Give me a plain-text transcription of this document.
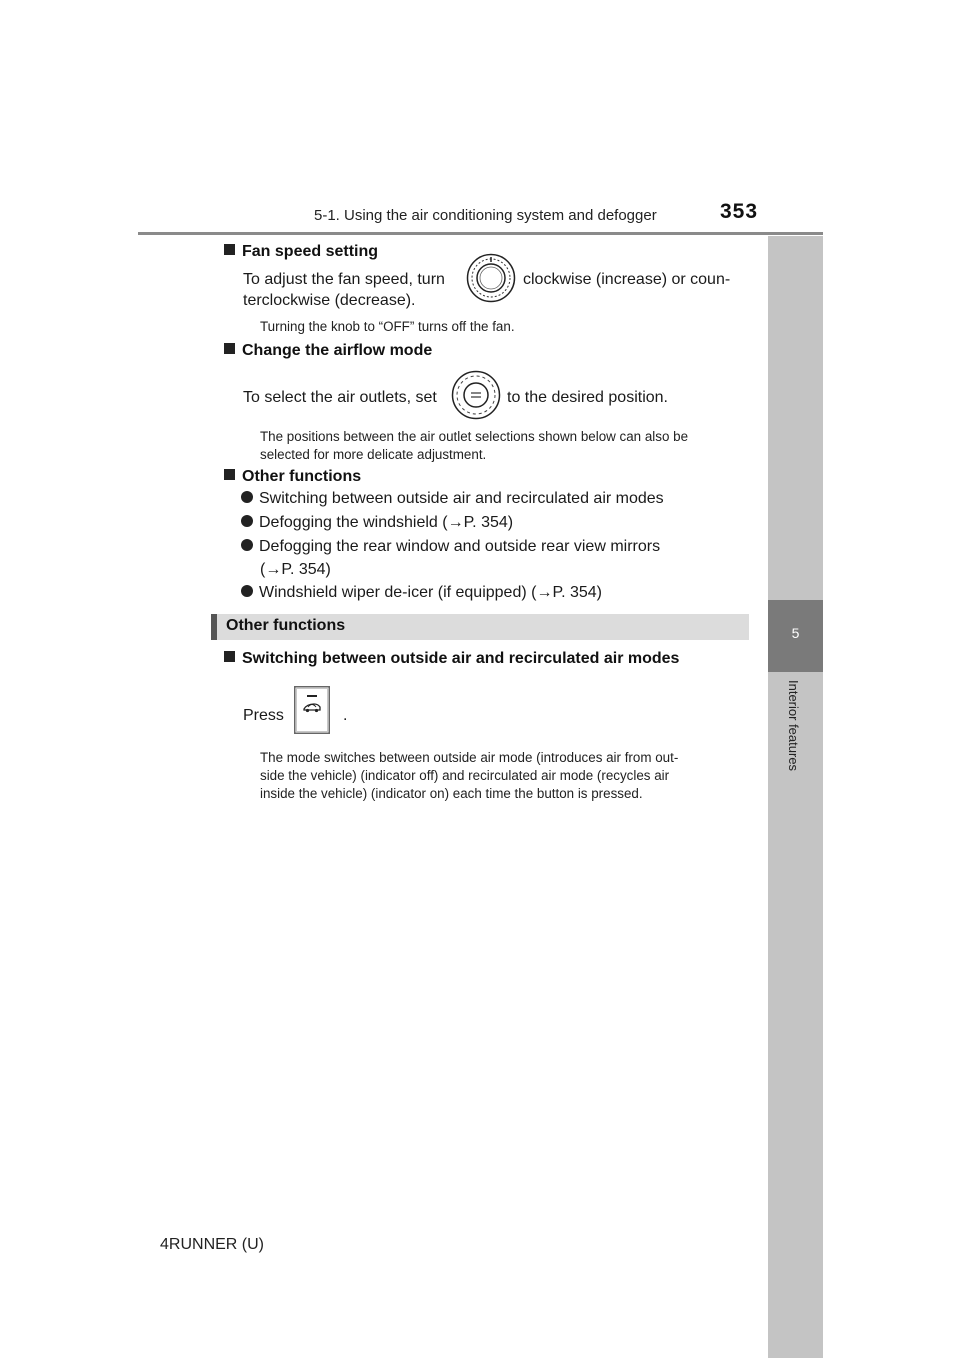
5-1. Using the air conditioning system and defogger	353
5
Interior features
Fan speed setting
To adjust the fan speed, turn	clockwise (increase) or coun-
terclockwise (decrease).
Turning the knob to “OFF” turns off the fan.
Change the airflow mode
To select the air outlets, set	to the desired position.
The positions between the air outlet selections shown below can also be
selected for more delicate adjustment.
Other functions
Switching between outside air and recirculated air modes
Defogging the windshield (→P. 354)
Defogging the rear window and outside rear view mirrors
(→P. 354)
Windshield wiper de-icer (if equipped) (→P. 354)
Other functions
Switching between outside air and recirculated air modes
Press	.
The mode switches between outside air mode (introduces air from out-
side the vehicle) (indicator off) and recirculated air mode (recycles air
inside the vehicle) (indicator on) each time the button is pressed.
4RUNNER (U)
